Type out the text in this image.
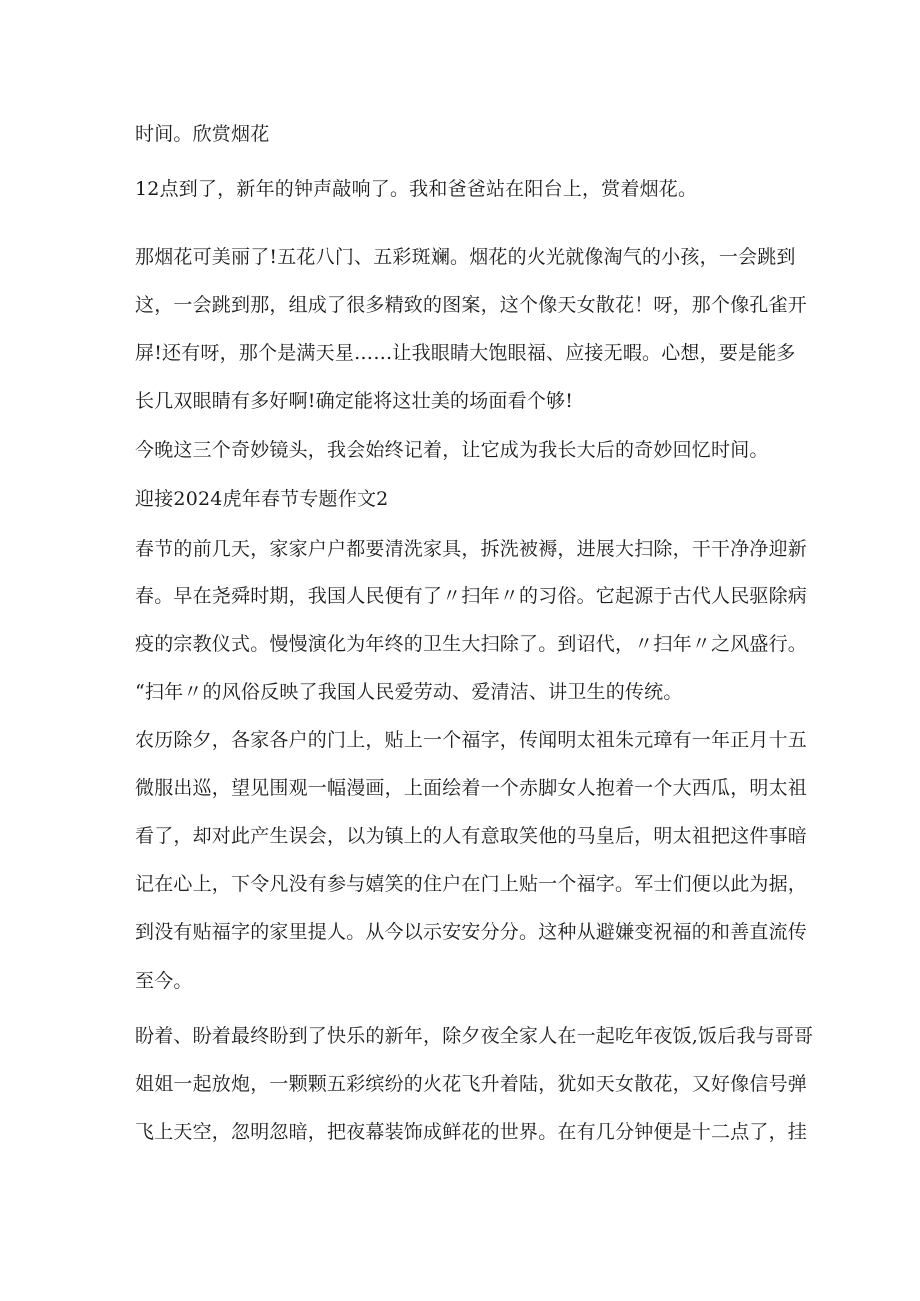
时间。欣赏烟花

12点到了，新年的钟声敲响了。我和爸爸站在阳台上，赏着烟花。

那烟花可美丽了!五花八门、五彩斑斓。烟花的火光就像淘气的小孩，一会跳到

这，一会跳到那，组成了很多精致的图案，这个像天女散花！呀，那个像孔雀开

屏!还有呀，那个是满天星……让我眼睛大饱眼福、应接无暇。心想，要是能多

长几双眼睛有多好啊!确定能将这壮美的场面看个够!

今晚这三个奇妙镜头，我会始终记着，让它成为我长大后的奇妙回忆时间。

迎接2024虎年春节专题作文2

春节的前几天，家家户户都要清洗家具，拆洗被褥，进展大扫除，干干净净迎新

春。早在尧舜时期，我国人民便有了〃扫年〃的习俗。它起源于古代人民驱除病

疫的宗教仪式。慢慢演化为年终的卫生大扫除了。到诏代，〃扫年〃之风盛行。

“扫年〃的风俗反映了我国人民爱劳动、爱清洁、讲卫生的传统。

农历除夕，各家各户的门上，贴上一个福字，传闻明太祖朱元璋有一年正月十五

微服出巡，望见围观一幅漫画，上面绘着一个赤脚女人抱着一个大西瓜，明太祖

看了，却对此产生误会，以为镇上的人有意取笑他的马皇后，明太祖把这件事暗

记在心上，下令凡没有参与嬉笑的住户在门上贴一个福字。军士们便以此为据，

到没有贴福字的家里提人。从今以示安安分分。这种从避嫌变祝福的和善直流传

至今。

盼着、盼着最终盼到了快乐的新年，除夕夜全家人在一起吃年夜饭,饭后我与哥哥

姐姐一起放炮，一颗颗五彩缤纷的火花飞升着陆，犹如天女散花，又好像信号弹

飞上天空，忽明忽暗，把夜幕装饰成鲜花的世界。在有几分钟便是十二点了，挂
